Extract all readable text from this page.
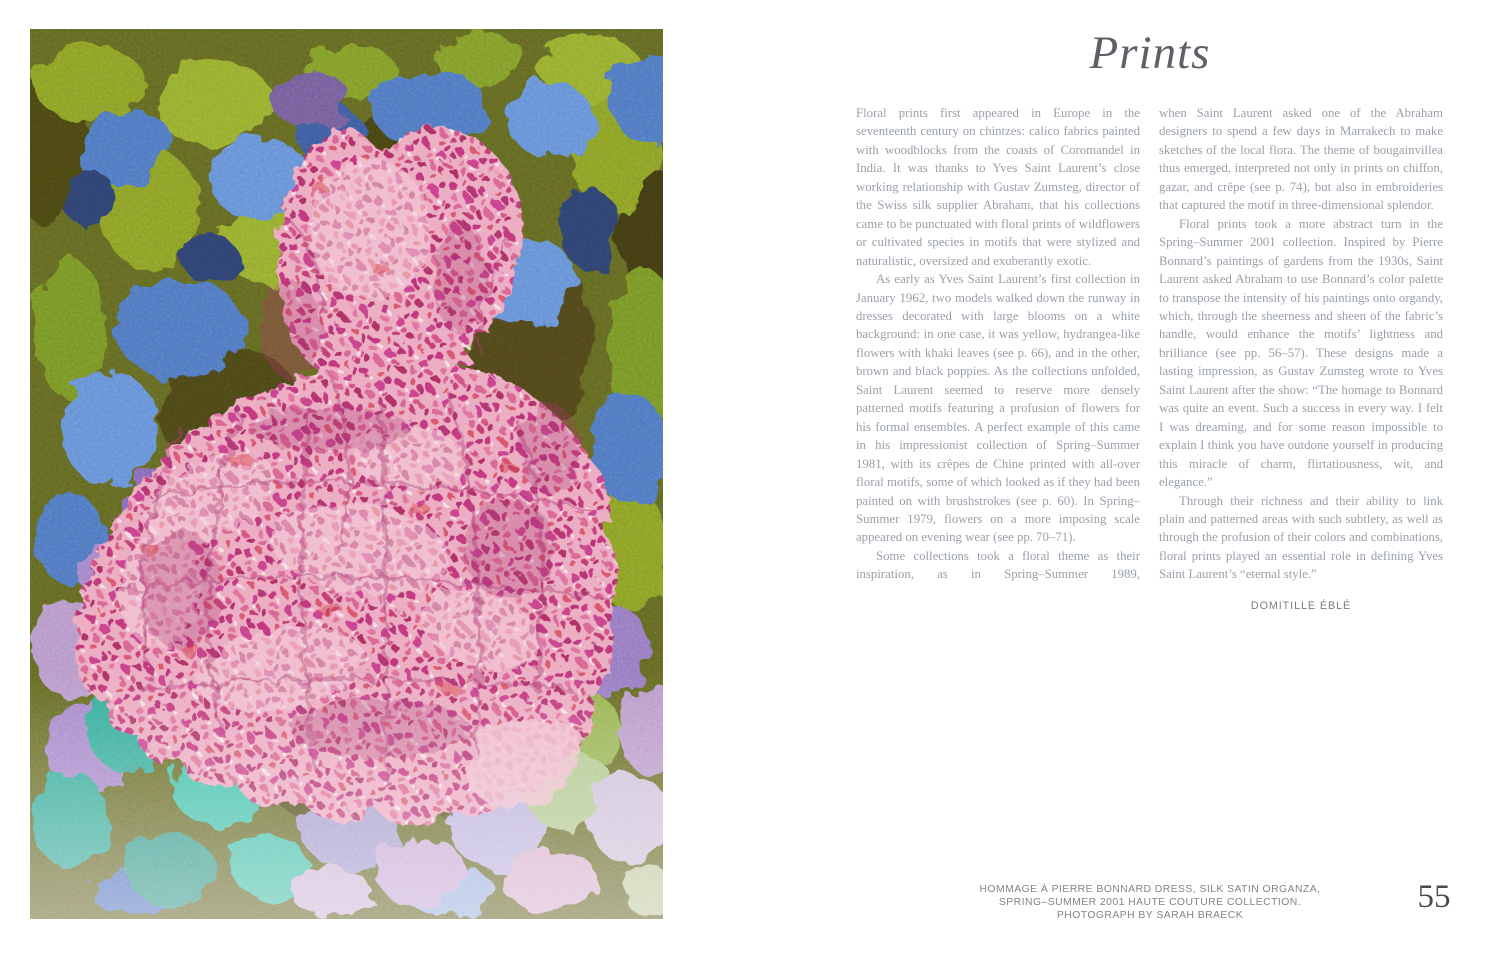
Prints

Floral prints first appeared in Europe in the seventeenth century on chintzes: calico fabrics painted with woodblocks from the coasts of Coromandel in India. It was thanks to Yves Saint Laurent’s close working relationship with Gustav Zumsteg, director of the Swiss silk supplier Abraham, that his collections came to be punctuated with floral prints of wildflowers or cultivated species in motifs that were stylized and naturalistic, oversized and exuberantly exotic.

As early as Yves Saint Laurent’s first collection in January 1962, two models walked down the runway in dresses decorated with large blooms on a white background: in one case, it was yellow, hydrangea-like flowers with khaki leaves (see p. 66), and in the other, brown and black poppies. As the collections unfolded, Saint Laurent seemed to reserve more densely patterned motifs featuring a profusion of flowers for his formal ensembles. A perfect example of this came in his impressionist collection of Spring–Summer 1981, with its crêpes de Chine printed with all-over floral motifs, some of which looked as if they had been painted on with brushstrokes (see p. 60). In Spring–Summer 1979, flowers on a more imposing scale appeared on evening wear (see pp. 70–71).

Some collections took a floral theme as their inspiration, as in Spring–Summer 1989,

when Saint Laurent asked one of the Abraham designers to spend a few days in Marrakech to make sketches of the local flora. The theme of bougainvillea thus emerged, interpreted not only in prints on chiffon, gazar, and crêpe (see p. 74), but also in embroideries that captured the motif in three-dimensional splendor.

Floral prints took a more abstract turn in the Spring–Summer 2001 collection. Inspired by Pierre Bonnard’s paintings of gardens from the 1930s, Saint Laurent asked Abraham to use Bonnard’s color palette to transpose the intensity of his paintings onto organdy, which, through the sheerness and sheen of the fabric’s handle, would enhance the motifs’ lightness and brilliance (see pp. 56–57). These designs made a lasting impression, as Gustav Zumsteg wrote to Yves Saint Laurent after the show: “The homage to Bonnard was quite an event. Such a success in every way. I felt I was dreaming, and for some reason impossible to explain I think you have outdone yourself in producing this miracle of charm, flirtatiousness, wit, and elegance.”

Through their richness and their ability to link plain and patterned areas with such subtlety, as well as through the profusion of their colors and combinations, floral prints played an essential role in defining Yves Saint Laurent’s “eternal style.”

DOMITILLE ÉBLÉ
HOMMAGE À PIERRE BONNARD DRESS, SILK SATIN ORGANZA,
SPRING–SUMMER 2001 HAUTE COUTURE COLLECTION.
PHOTOGRAPH BY SARAH BRAECK
55
